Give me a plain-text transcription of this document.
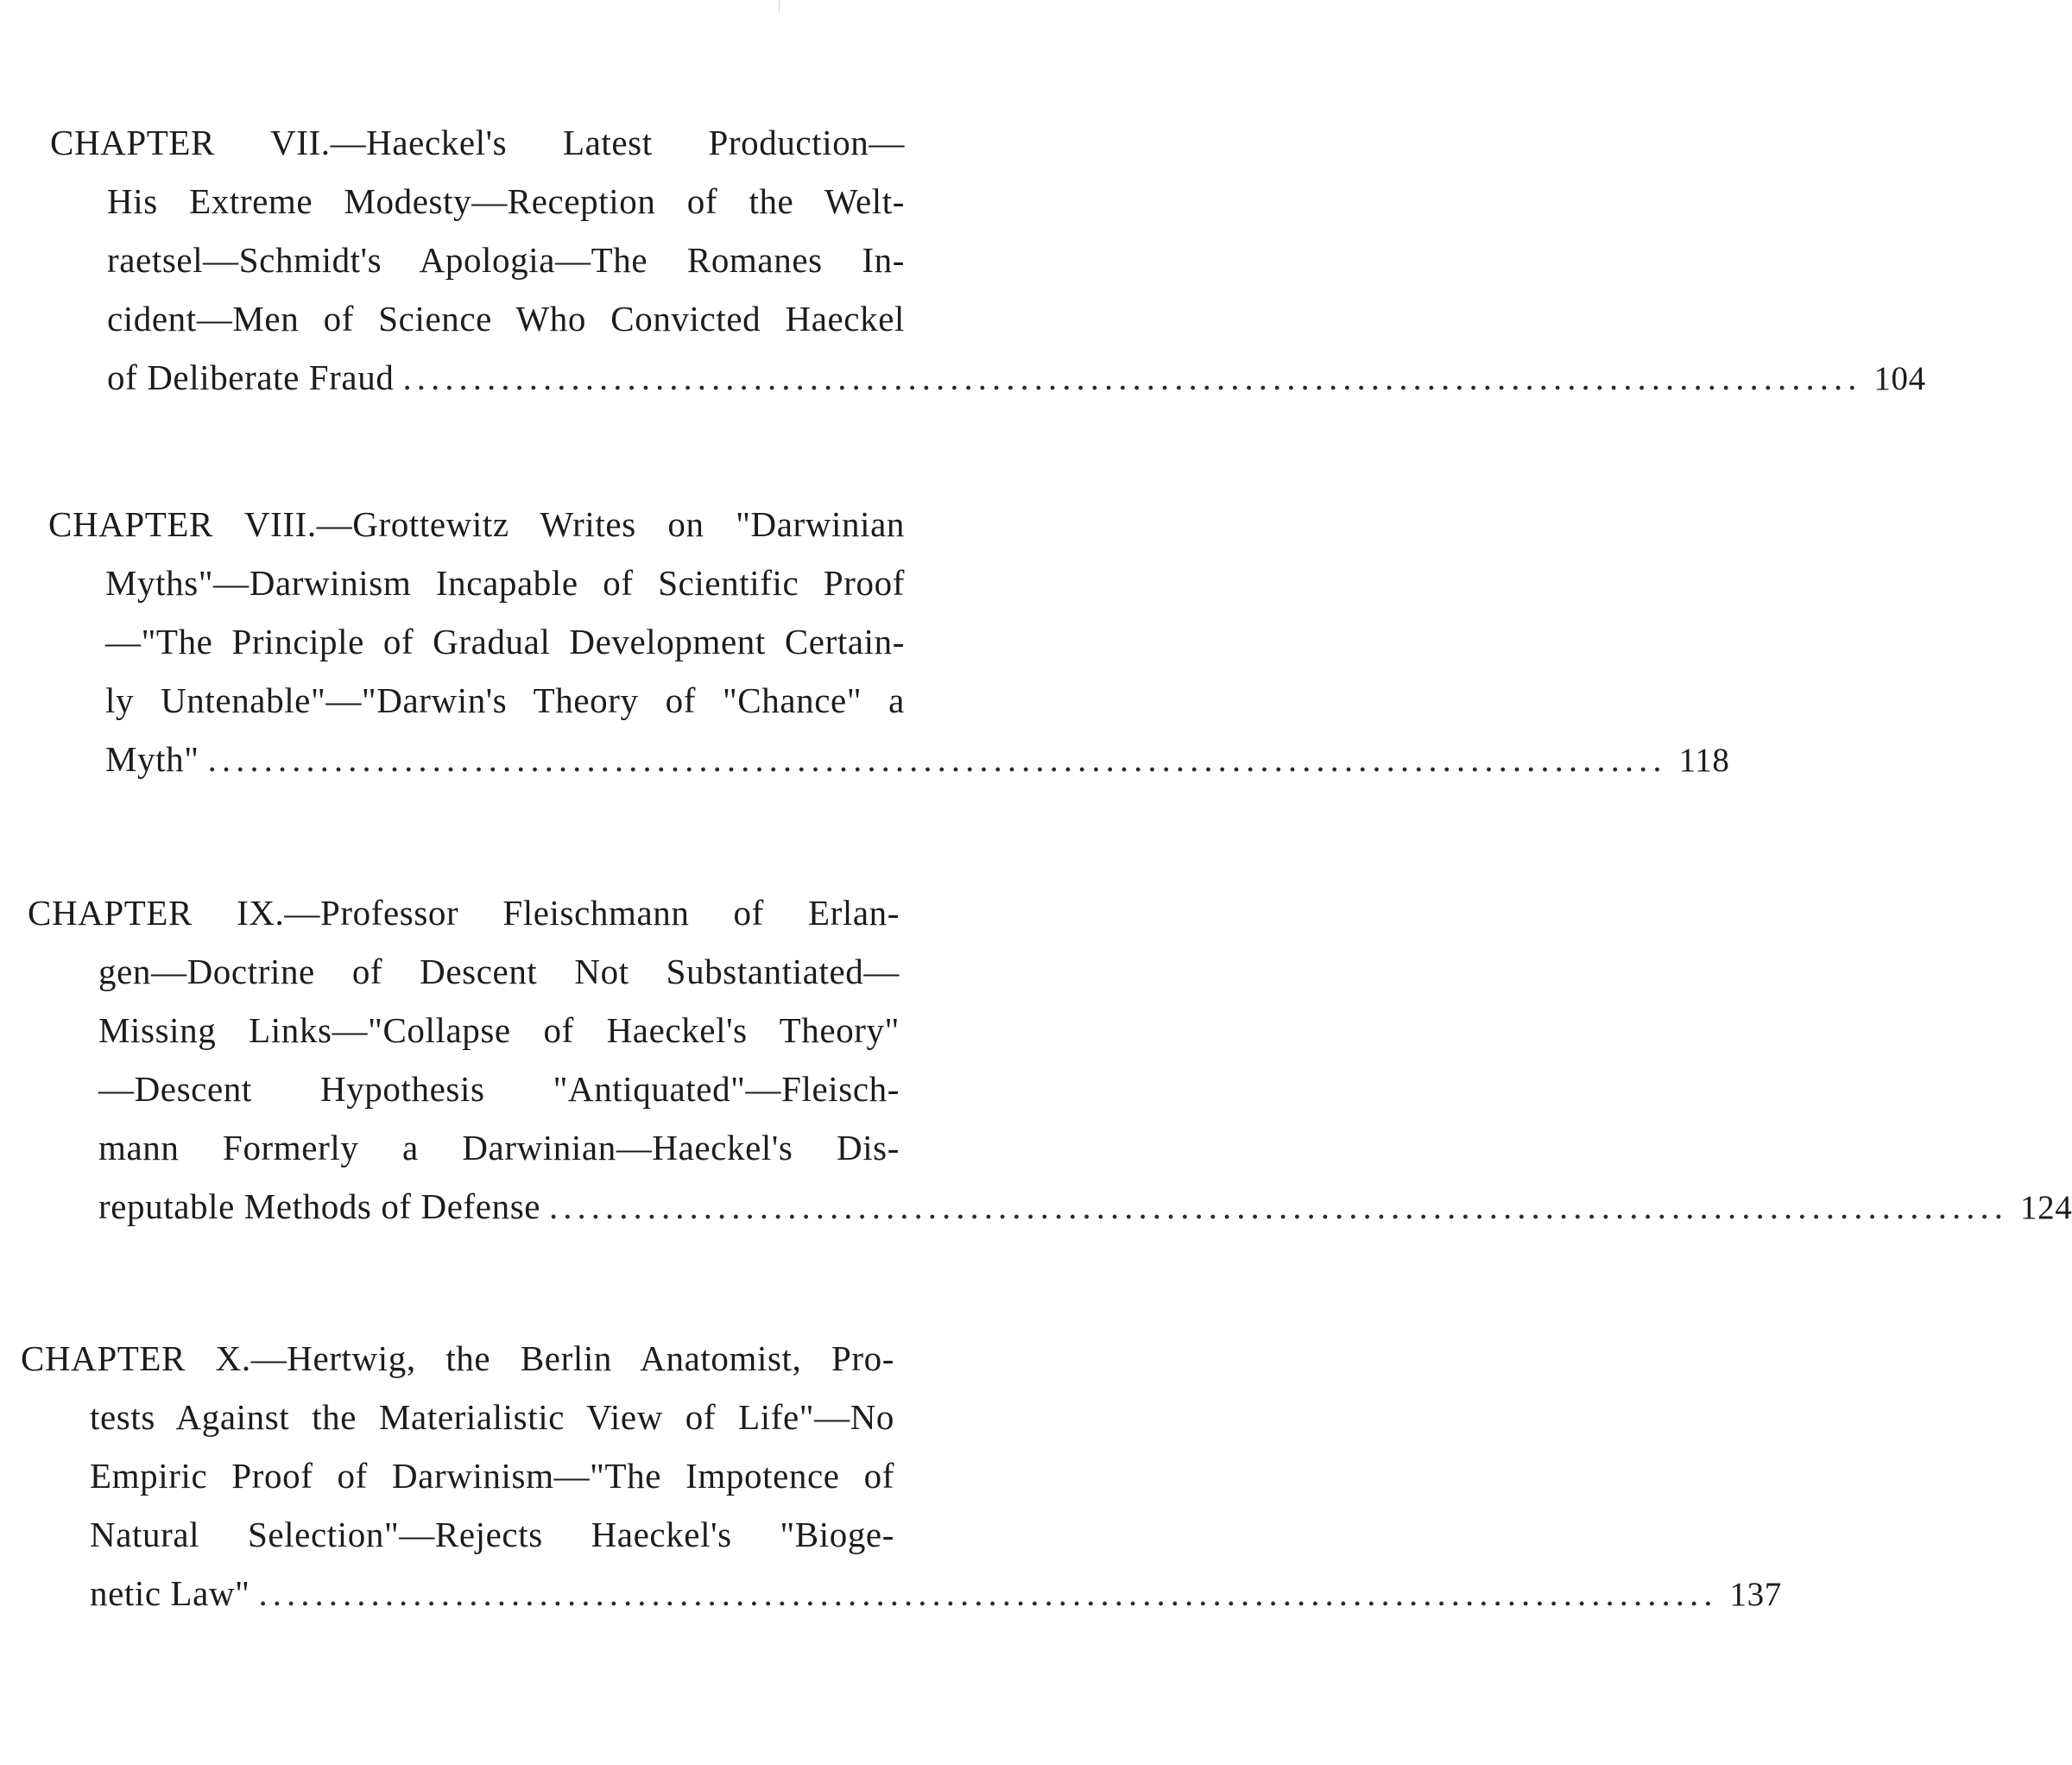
CHAPTER VII.—Haeckel's Latest Production—
His Extreme Modesty—Reception of the Welt-
raetsel—Schmidt's Apologia—The Romanes In-
cident—Men of Science Who Convicted Haeckel
of Deliberate Fraud ........................................................................................................ 104
CHAPTER VIII.—Grottewitz Writes on "Darwinian
Myths"—Darwinism Incapable of Scientific Proof
—"The Principle of Gradual Development Certain-
ly Untenable"—"Darwin's Theory of "Chance" a
Myth" ........................................................................................................ 118
CHAPTER IX.—Professor Fleischmann of Erlan-
gen—Doctrine of Descent Not Substantiated—
Missing Links—"Collapse of Haeckel's Theory"
—Descent Hypothesis "Antiquated"—Fleisch-
mann Formerly a Darwinian—Haeckel's Dis-
reputable Methods of Defense ........................................................................................................ 124
CHAPTER X.—Hertwig, the Berlin Anatomist, Pro-
tests Against the Materialistic View of Life"—No
Empiric Proof of Darwinism—"The Impotence of
Natural Selection"—Rejects Haeckel's "Bioge-
netic Law" ........................................................................................................ 137
